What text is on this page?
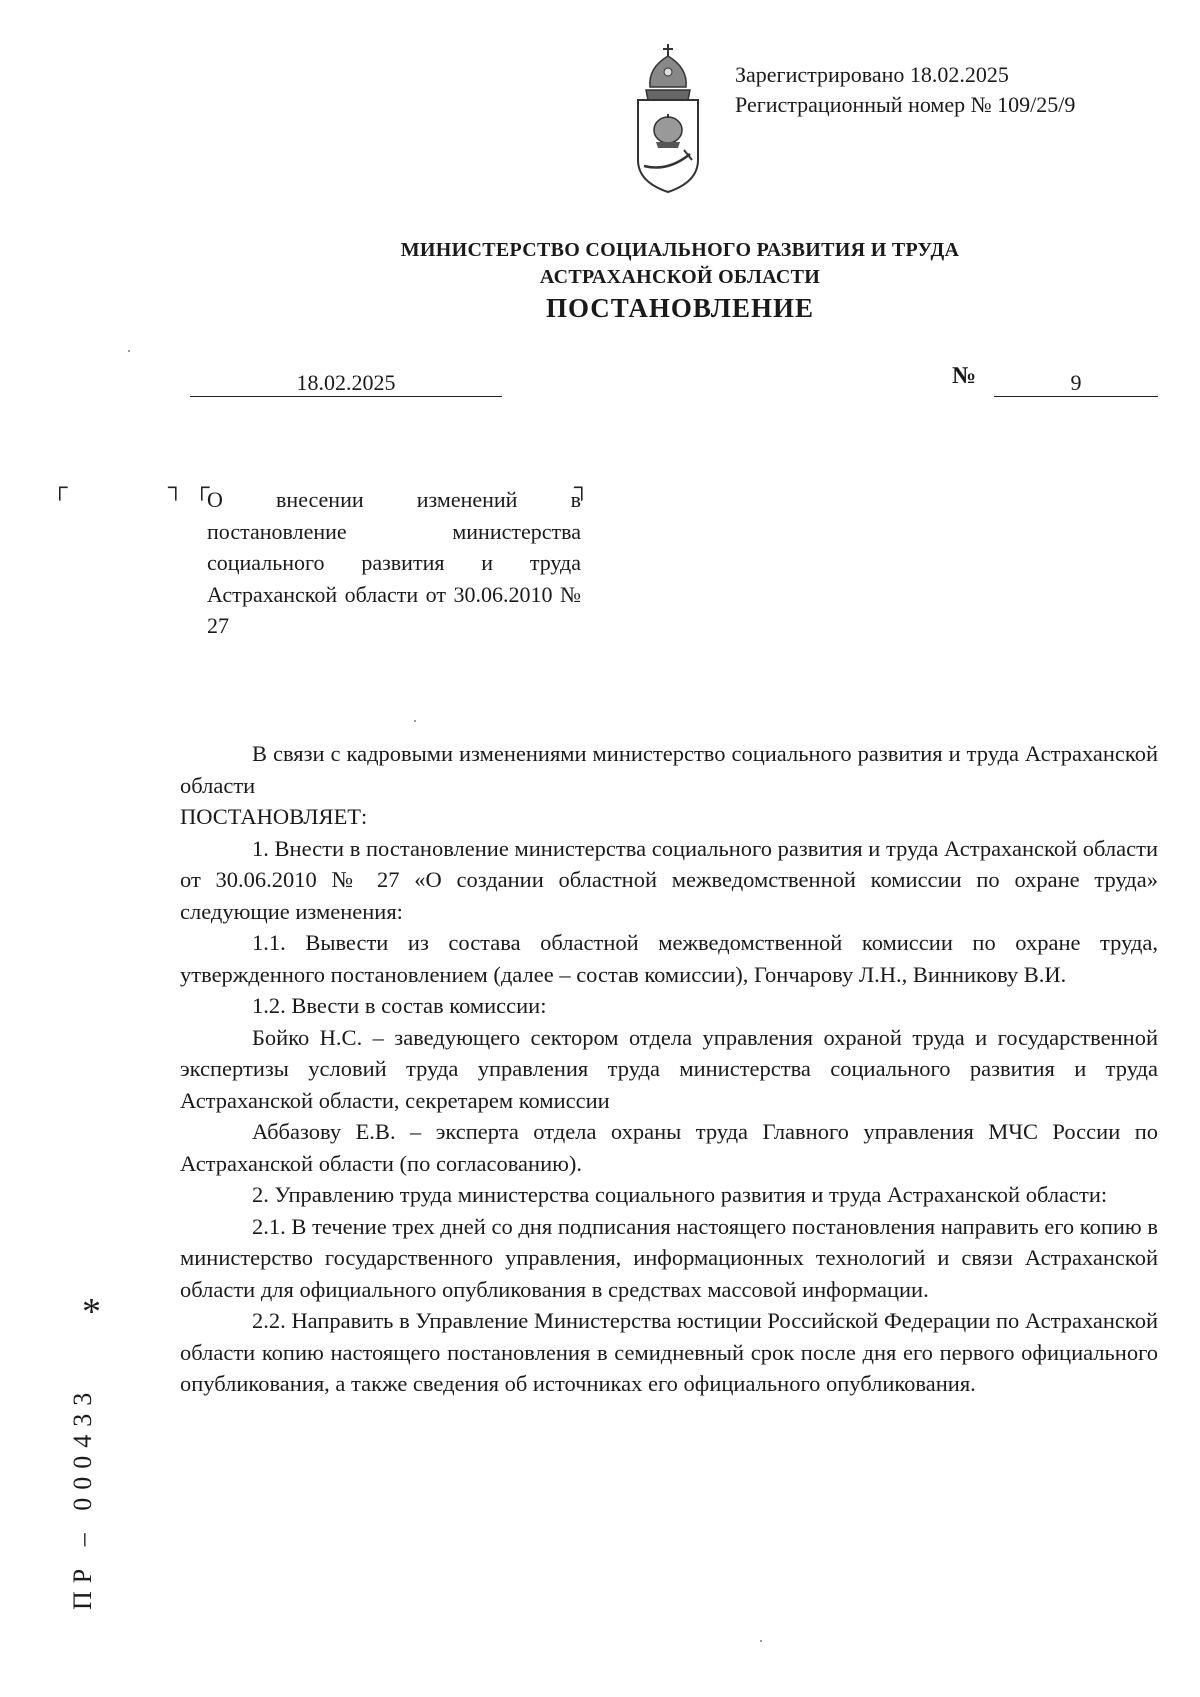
Зарегистрировано 18.02.2025
Регистрационный номер № 109/25/9
МИНИСТЕРСТВО СОЦИАЛЬНОГО РАЗВИТИЯ И ТРУДА
АСТРАХАНСКОЙ ОБЛАСТИ
ПОСТАНОВЛЕНИЕ
18.02.2025	№	9
┌	┐ ┌	┐
О внесении изменений в постановление министерства социального развития и труда Астраханской области от 30.06.2010 № 27

В связи с кадровыми изменениями министерство социального развития и труда Астраханской области

ПОСТАНОВЛЯЕТ:

1. Внести в постановление министерства социального развития и труда Астраханской области от 30.06.2010 № 27 «О создании областной межведомственной комиссии по охране труда» следующие изменения:

1.1. Вывести из состава областной межведомственной комиссии по охране труда, утвержденного постановлением (далее – состав комиссии), Гончарову Л.Н., Винникову В.И.

1.2. Ввести в состав комиссии:

Бойко Н.С. – заведующего сектором отдела управления охраной труда и государственной экспертизы условий труда управления труда министерства социального развития и труда Астраханской области, секретарем комиссии

Аббазову Е.В. – эксперта отдела охраны труда Главного управления МЧС России по Астраханской области (по согласованию).

2. Управлению труда министерства социального развития и труда Астраханской области:

2.1. В течение трех дней со дня подписания настоящего постановления направить его копию в министерство государственного управления, информационных технологий и связи Астраханской области для официального опубликования в средствах массовой информации.

2.2. Направить в Управление Министерства юстиции Российской Федерации по Астраханской области копию настоящего постановления в семидневный срок после дня его первого официального опубликования, а также сведения об источниках его официального опубликования.

*
ПР – 000433
